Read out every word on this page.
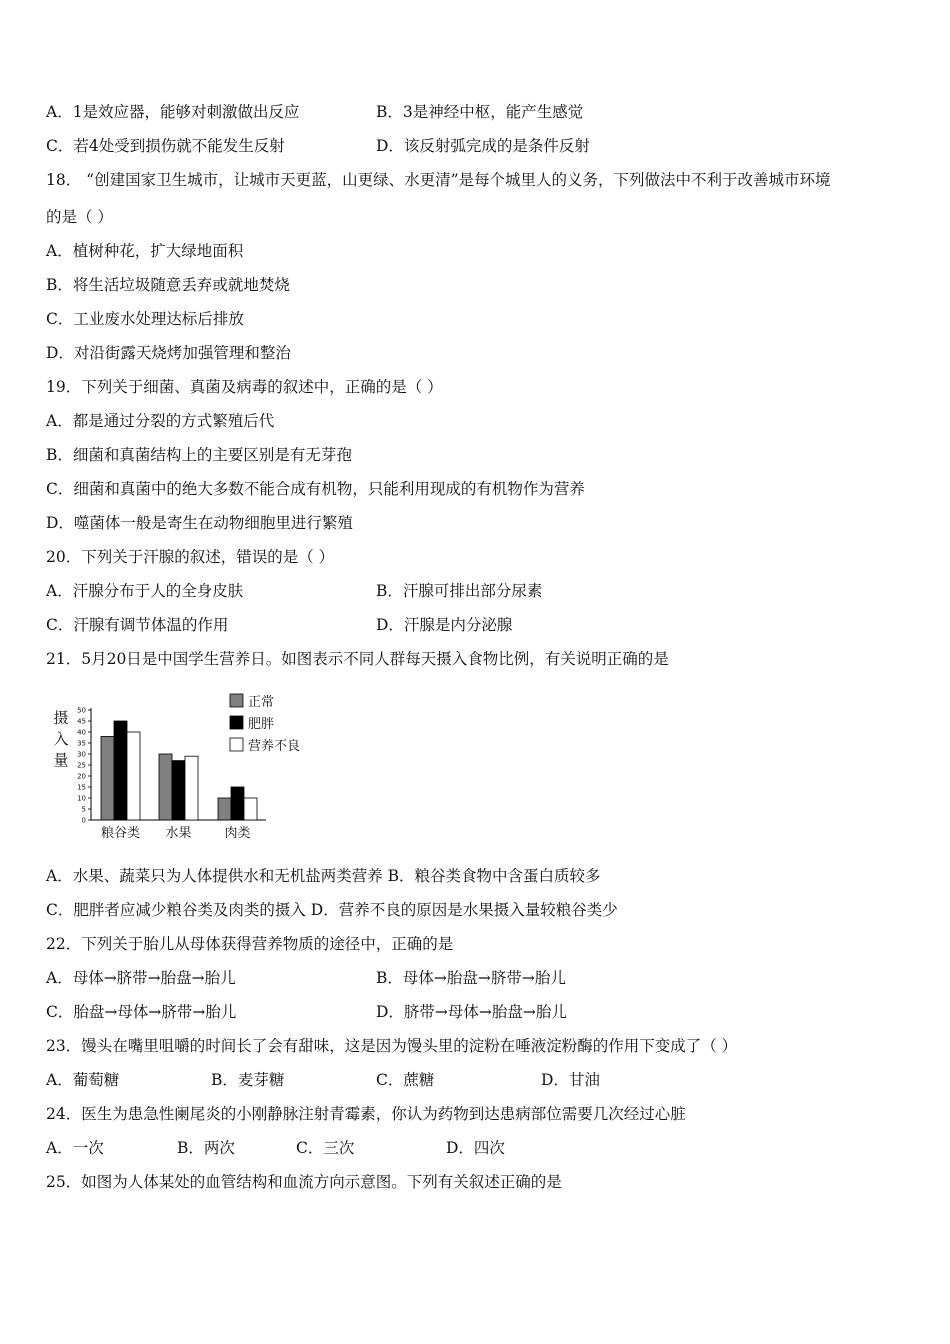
A．1是效应器，能够对刺激做出反应	B．3是神经中枢，能产生感觉
C．若4处受到损伤就不能发生反射	D．该反射弧完成的是条件反射
18． “创建国家卫生城市，让城市天更蓝，山更绿、水更清”是每个城里人的义务，下列做法中不利于改善城市环境
的是（ ）
A．植树种花，扩大绿地面积
B．将生活垃圾随意丢弃或就地焚烧
C．工业废水处理达标后排放
D．对沿街露天烧烤加强管理和整治
19．下列关于细菌、真菌及病毒的叙述中，正确的是（ ）
A．都是通过分裂的方式繁殖后代
B．细菌和真菌结构上的主要区别是有无芽孢
C．细菌和真菌中的绝大多数不能合成有机物，只能利用现成的有机物作为营养
D．噬菌体一般是寄生在动物细胞里进行繁殖
20．下列关于汗腺的叙述，错误的是（ ）
A．汗腺分布于人的全身皮肤	B．汗腺可排出部分尿素
C．汗腺有调节体温的作用	D．汗腺是内分泌腺
21．5月20日是中国学生营养日。如图表示不同人群每天摄入食物比例，有关说明正确的是
摄
入
量
0
5
10
15
20
25
30
35
40
45
50
粮谷类 水果	肉类
正常
肥胖
营养不良
A．水果、蔬菜只为人体提供水和无机盐两类营养 B．粮谷类食物中含蛋白质较多
C．肥胖者应减少粮谷类及肉类的摄入 D．营养不良的原因是水果摄入量较粮谷类少
22．下列关于胎儿从母体获得营养物质的途径中，正确的是
A．母体→脐带→胎盘→胎儿	B．母体→胎盘→脐带→胎儿
C．胎盘→母体→脐带→胎儿	D．脐带→母体→胎盘→胎儿
23．馒头在嘴里咀嚼的时间长了会有甜味，这是因为馒头里的淀粉在唾液淀粉酶的作用下变成了（ ）
A．葡萄糖	B．麦芽糖	C．蔗糖	D．甘油
24．医生为患急性阑尾炎的小刚静脉注射青霉素，你认为药物到达患病部位需要几次经过心脏
A．一次	B．两次	C．三次	D．四次
25．如图为人体某处的血管结构和血流方向示意图。下列有关叙述正确的是
